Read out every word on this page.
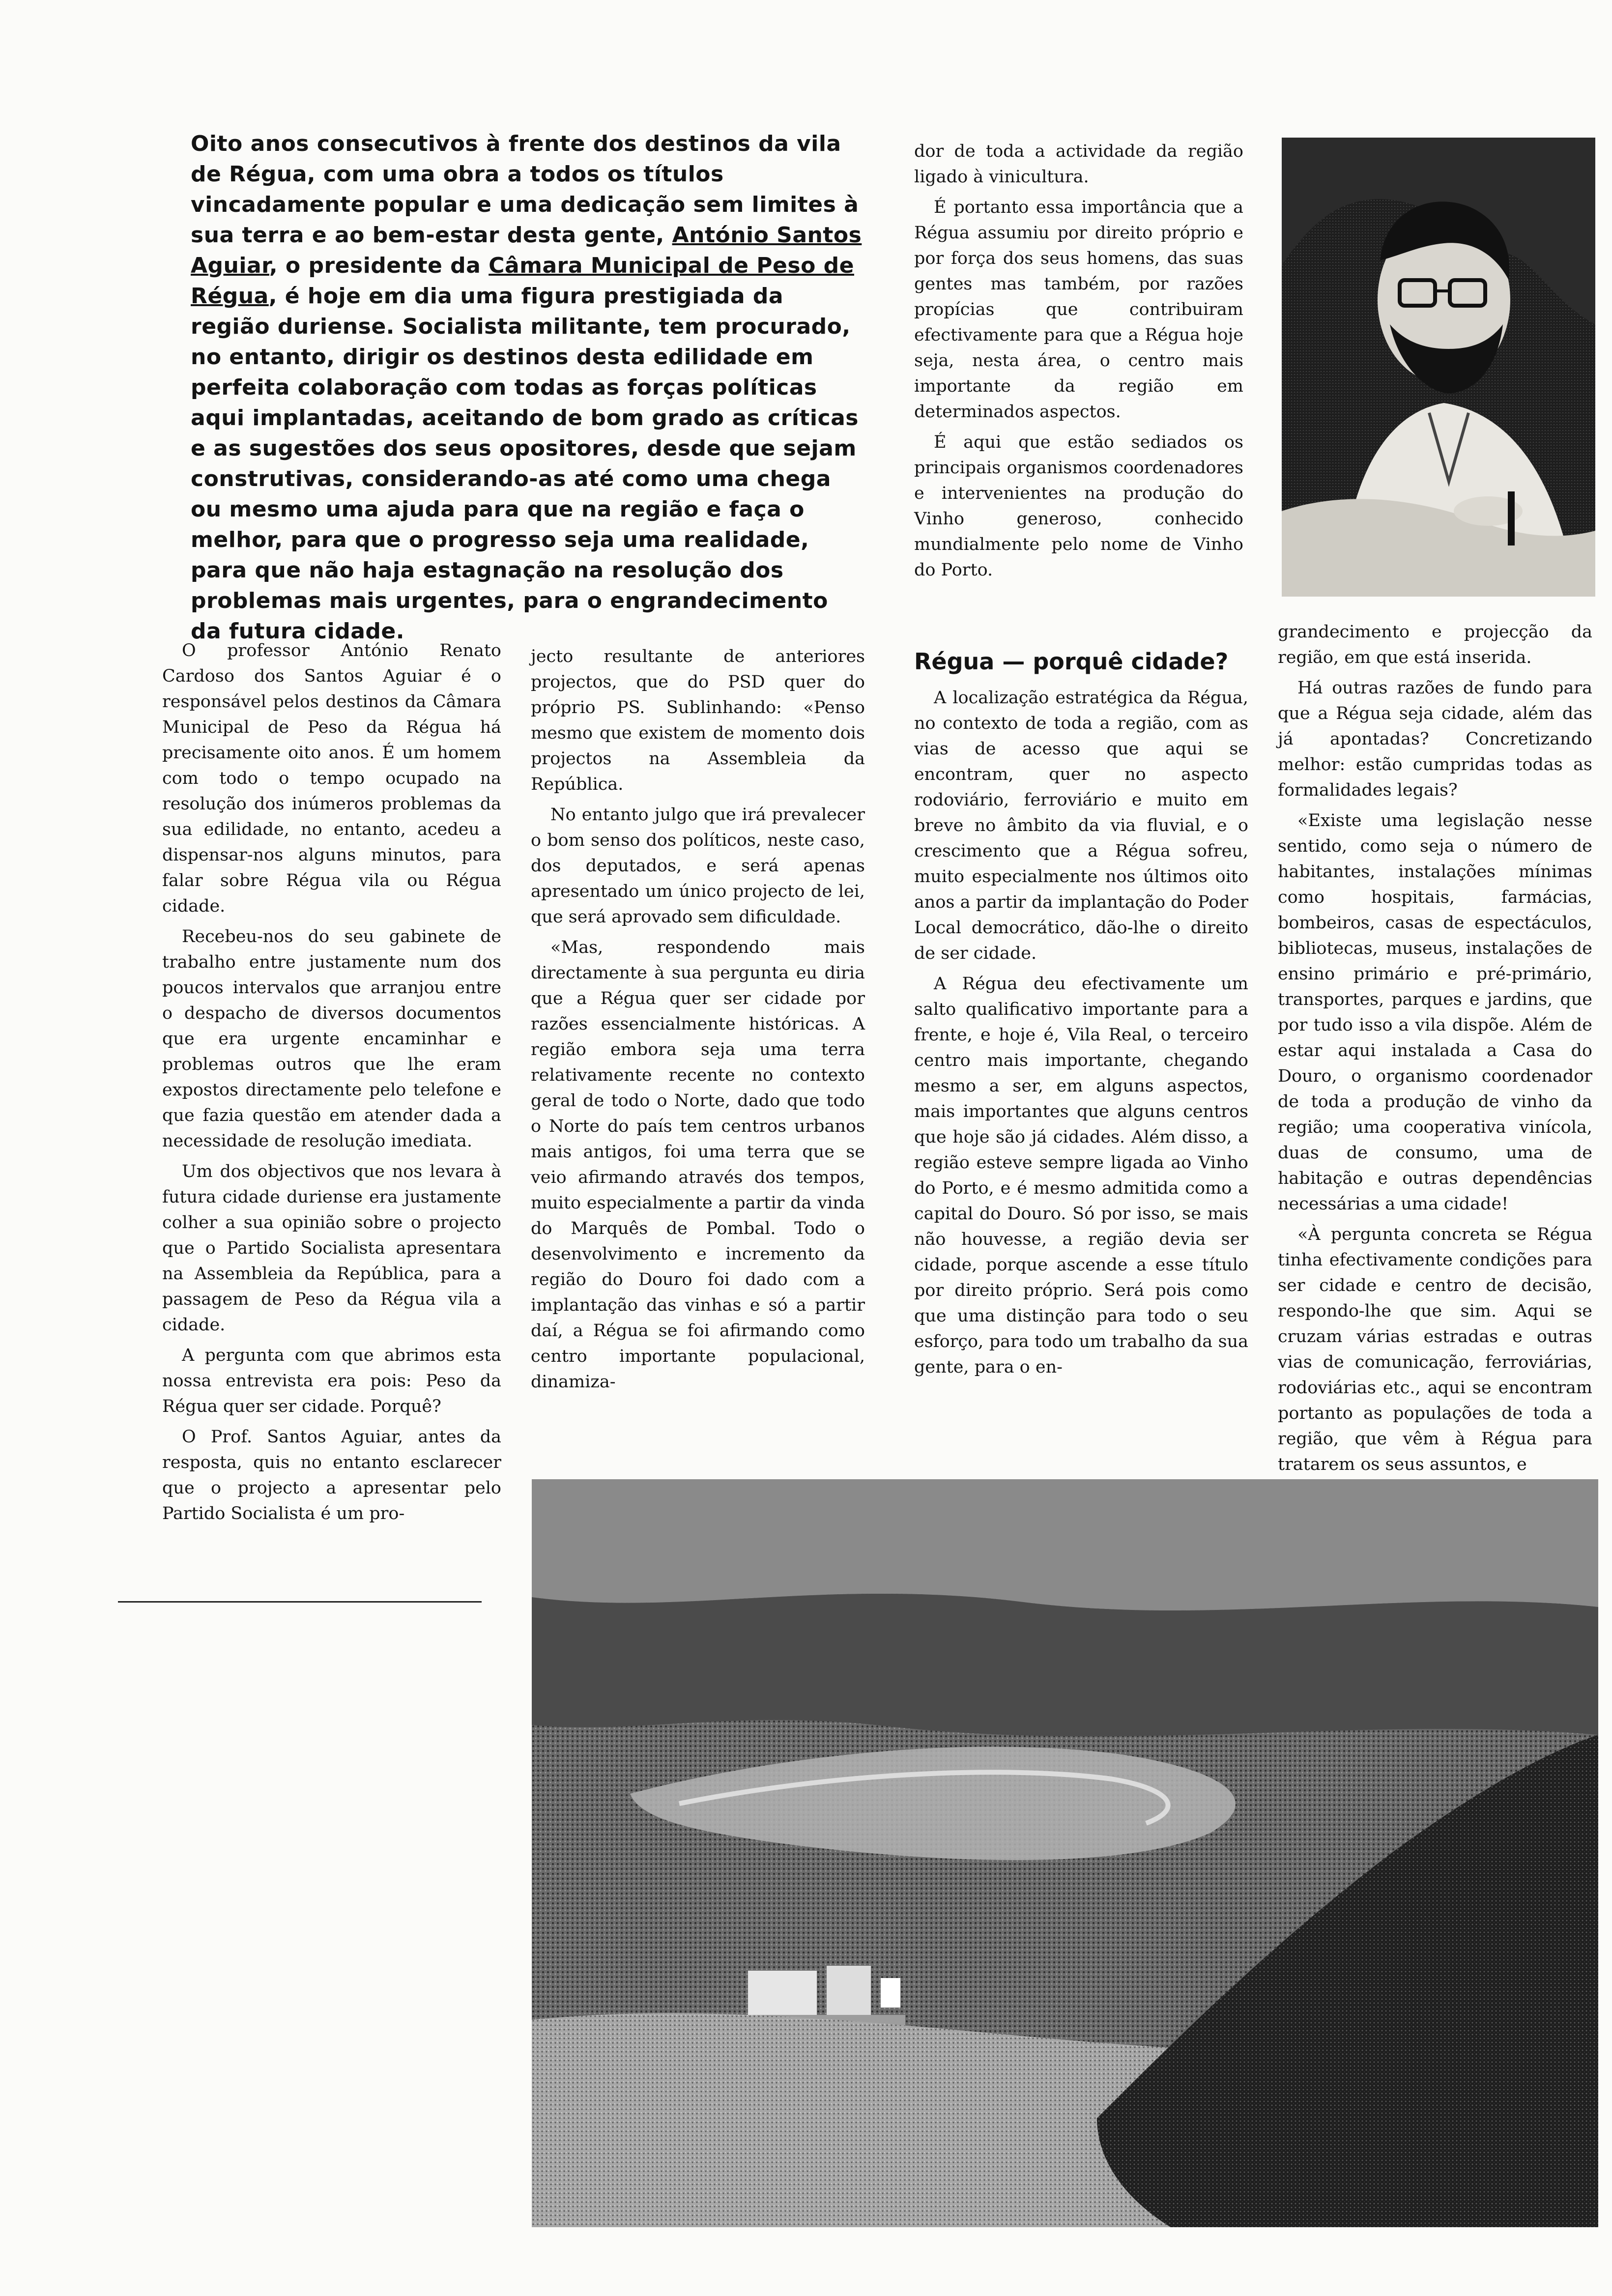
Oito anos consecutivos à frente dos destinos da vila de Régua, com uma obra a todos os títulos vincadamente popular e uma dedicação sem limites à sua terra e ao bem-estar desta gente, António Santos Aguiar, o presidente da Câmara Municipal de Peso de Régua, é hoje em dia uma figura prestigiada da região duriense. Socialista militante, tem procurado, no entanto, dirigir os destinos desta edilidade em perfeita colaboração com todas as forças políticas aqui implantadas, aceitando de bom grado as críticas e as sugestões dos seus opositores, desde que sejam construtivas, considerando-as até como uma chega ou mesmo uma ajuda para que na região e faça o melhor, para que o progresso seja uma realidade, para que não haja estagnação na resolução dos problemas mais urgentes, para o engrandecimento da futura cidade.

dor de toda a actividade da região ligado à vinicultura.

É portanto essa importância que a Régua assumiu por direito próprio e por força dos seus homens, das suas gentes mas também, por razões propícias que contribuiram efectivamente para que a Régua hoje seja, nesta área, o centro mais importante da região em determinados aspectos.

É aqui que estão sediados os principais organismos coordenadores e intervenientes na produção do Vinho generoso, conhecido mundialmente pelo nome de Vinho do Porto.

O professor António Renato Cardoso dos Santos Aguiar é o responsável pelos destinos da Câmara Municipal de Peso da Régua há precisamente oito anos. É um homem com todo o tempo ocupado na resolução dos inúmeros problemas da sua edilidade, no entanto, acedeu a dispensar-nos alguns minutos, para falar sobre Régua vila ou Régua cidade.

Recebeu-nos do seu gabinete de trabalho entre justamente num dos poucos intervalos que arranjou entre o despacho de diversos documentos que era urgente encaminhar e problemas outros que lhe eram expostos directamente pelo telefone e que fazia questão em atender dada a necessidade de resolução imediata.

Um dos objectivos que nos levara à futura cidade duriense era justamente colher a sua opinião sobre o projecto que o Partido Socialista apresentara na Assembleia da República, para a passagem de Peso da Régua vila a cidade.

A pergunta com que abrimos esta nossa entrevista era pois: Peso da Régua quer ser cidade. Porquê?

O Prof. Santos Aguiar, antes da resposta, quis no entanto esclarecer que o projecto a apresentar pelo Partido Socialista é um pro-

jecto resultante de anteriores projectos, que do PSD quer do próprio PS. Sublinhando: «Penso mesmo que existem de momento dois projectos na Assembleia da República.

No entanto julgo que irá prevalecer o bom senso dos políticos, neste caso, dos deputados, e será apenas apresentado um único projecto de lei, que será aprovado sem dificuldade.

«Mas, respondendo mais directamente à sua pergunta eu diria que a Régua quer ser cidade por razões essencialmente históricas. A região embora seja uma terra relativamente recente no contexto geral de todo o Norte, dado que todo o Norte do país tem centros urbanos mais antigos, foi uma terra que se veio afirmando através dos tempos, muito especialmente a partir da vinda do Marquês de Pombal. Todo o desenvolvimento e incremento da região do Douro foi dado com a implantação das vinhas e só a partir daí, a Régua se foi afirmando como centro importante populacional, dinamiza-

Régua — porquê cidade?

A localização estratégica da Régua, no contexto de toda a região, com as vias de acesso que aqui se encontram, quer no aspecto rodoviário, ferroviário e muito em breve no âmbito da via fluvial, e o crescimento que a Régua sofreu, muito especialmente nos últimos oito anos a partir da implantação do Poder Local democrático, dão-lhe o direito de ser cidade.

A Régua deu efectivamente um salto qualificativo importante para a frente, e hoje é, Vila Real, o terceiro centro mais importante, chegando mesmo a ser, em alguns aspectos, mais importantes que alguns centros que hoje são já cidades. Além disso, a região esteve sempre ligada ao Vinho do Porto, e é mesmo admitida como a capital do Douro. Só por isso, se mais não houvesse, a região devia ser cidade, porque ascende a esse título por direito próprio. Será pois como que uma distinção para todo o seu esforço, para todo um trabalho da sua gente, para o en-

grandecimento e projecção da região, em que está inserida.

Há outras razões de fundo para que a Régua seja cidade, além das já apontadas? Concretizando melhor: estão cumpridas todas as formalidades legais?

«Existe uma legislação nesse sentido, como seja o número de habitantes, instalações mínimas como hospitais, farmácias, bombeiros, casas de espectáculos, bibliotecas, museus, instalações de ensino primário e pré-primário, transportes, parques e jardins, que por tudo isso a vila dispõe. Além de estar aqui instalada a Casa do Douro, o organismo coordenador de toda a produção de vinho da região; uma cooperativa vinícola, duas de consumo, uma de habitação e outras dependências necessárias a uma cidade!

«À pergunta concreta se Régua tinha efectivamente condições para ser cidade e centro de decisão, respondo-lhe que sim. Aqui se cruzam várias estradas e outras vias de comunicação, ferroviárias, rodoviárias etc., aqui se encontram portanto as populações de toda a região, que vêm à Régua para tratarem os seus assuntos, e
